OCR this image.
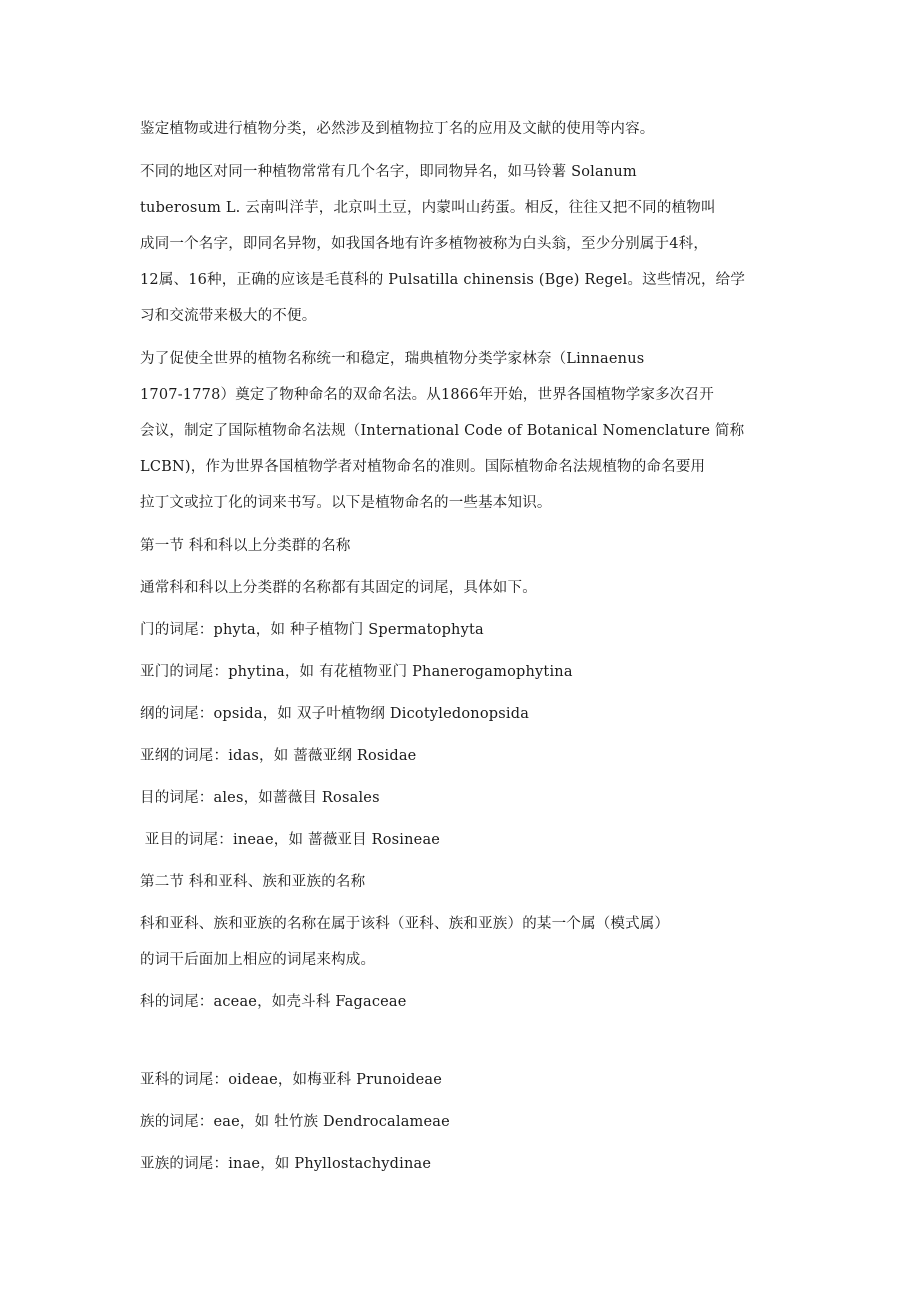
鉴定植物或进行植物分类，必然涉及到植物拉丁名的应用及文献的使用等内容。
不同的地区对同一种植物常常有几个名字，即同物异名，如马铃薯 Solanum
tuberosum L. 云南叫洋芋，北京叫土豆，内蒙叫山药蛋。相反，往往又把不同的植物叫
成同一个名字，即同名异物，如我国各地有许多植物被称为白头翁，至少分别属于4科，
12属、16种，正确的应该是毛茛科的 Pulsatilla chinensis (Bge) Regel。这些情况，给学
习和交流带来极大的不便。
为了促使全世界的植物名称统一和稳定，瑞典植物分类学家林奈（Linnaenus
1707-1778）奠定了物种命名的双命名法。从1866年开始，世界各国植物学家多次召开
会议，制定了国际植物命名法规（International Code of Botanical Nomenclature 简称
LCBN)，作为世界各国植物学者对植物命名的准则。国际植物命名法规植物的命名要用
拉丁文或拉丁化的词来书写。以下是植物命名的一些基本知识。
第一节 科和科以上分类群的名称
通常科和科以上分类群的名称都有其固定的词尾，具体如下。
门的词尾：phyta，如 种子植物门 Spermatophyta
亚门的词尾：phytina，如 有花植物亚门 Phanerogamophytina
纲的词尾：opsida，如 双子叶植物纲 Dicotyledonopsida
亚纲的词尾：idas，如 蔷薇亚纲 Rosidae
目的词尾：ales，如蔷薇目 Rosales
亚目的词尾：ineae，如 蔷薇亚目 Rosineae
第二节 科和亚科、族和亚族的名称
科和亚科、族和亚族的名称在属于该科（亚科、族和亚族）的某一个属（模式属）
的词干后面加上相应的词尾来构成。
科的词尾：aceae，如壳斗科 Fagaceae
亚科的词尾：oideae，如梅亚科 Prunoideae
族的词尾：eae，如 牡竹族 Dendrocalameae
亚族的词尾：inae，如 Phyllostachydinae
